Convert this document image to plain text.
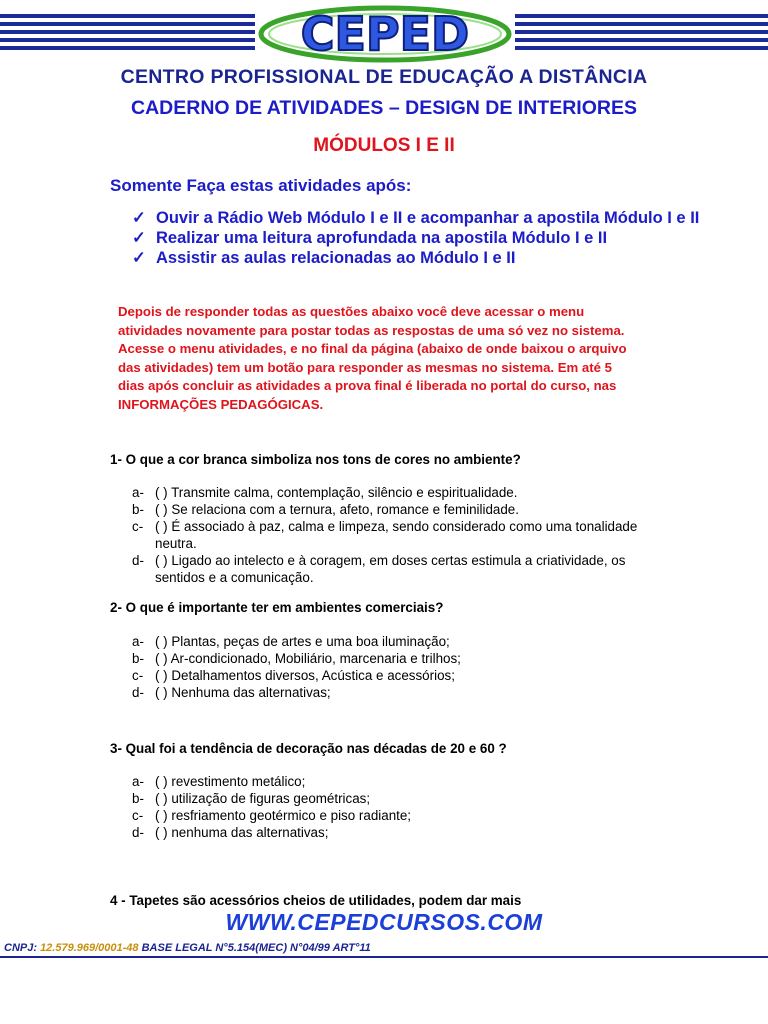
CEPED
CENTRO PROFISSIONAL DE EDUCAÇÃO A DISTÂNCIA
CADERNO DE ATIVIDADES – DESIGN DE INTERIORES
MÓDULOS I E II
Somente Faça estas atividades após:
✓ Ouvir a Rádio Web Módulo I e II e acompanhar a apostila Módulo I e II
✓ Realizar uma leitura aprofundada na apostila Módulo I e II
✓ Assistir as aulas relacionadas ao Módulo I e II

Depois de responder todas as questões abaixo você deve acessar o menu atividades novamente para postar todas as respostas de uma só vez no sistema. Acesse o menu atividades, e no final da página (abaixo de onde baixou o arquivo das atividades) tem um botão para responder as mesmas no sistema. Em até 5 dias após concluir as atividades a prova final é liberada no portal do curso, nas INFORMAÇÕES PEDAGÓGICAS.

1- O que a cor branca simboliza nos tons de cores no ambiente?
a- ( ) Transmite calma, contemplação, silêncio e espiritualidade.
b- ( ) Se relaciona com a ternura, afeto, romance e feminilidade.
c- ( ) É associado à paz, calma e limpeza, sendo considerado como uma tonalidade neutra.
d- ( ) Ligado ao intelecto e à coragem, em doses certas estimula a criatividade, os sentidos e a comunicação.
2- O que é importante ter em ambientes comerciais?
a- ( ) Plantas, peças de artes e uma boa iluminação;
b- ( ) Ar-condicionado, Mobiliário, marcenaria e trilhos;
c- ( ) Detalhamentos diversos, Acústica e acessórios;
d- ( ) Nenhuma das alternativas;
3- Qual foi a tendência de decoração nas décadas de 20 e 60 ?
a- ( ) revestimento metálico;
b- ( ) utilização de figuras geométricas;
c- ( ) resfriamento geotérmico e piso radiante;
d- ( ) nenhuma das alternativas;
4 - Tapetes são acessórios cheios de utilidades, podem dar mais
WWW.CEPEDCURSOS.COM
CNPJ: 12.579.969/0001-48 BASE LEGAL N°5.154(MEC) N°04/99 ART°11
